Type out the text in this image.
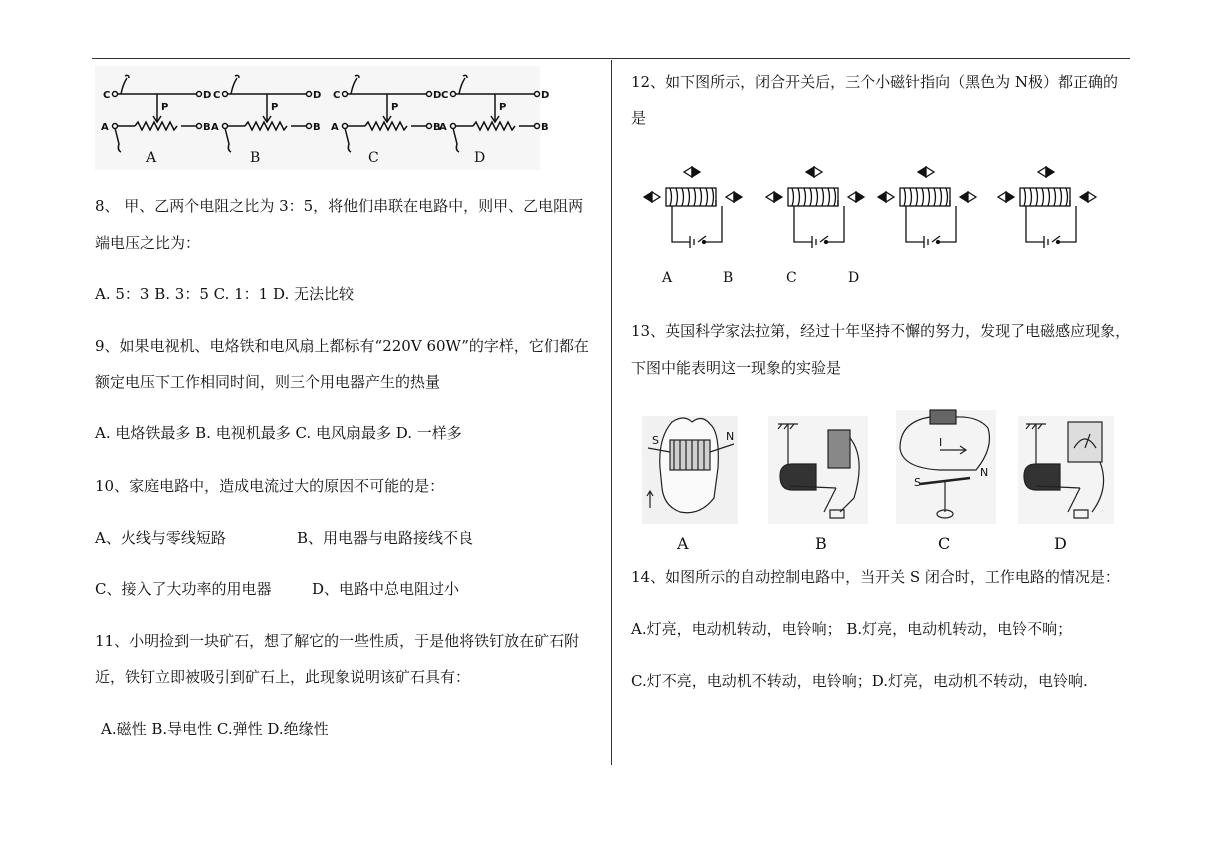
C	D
P
A	B
C	D
P
A	B
C	D
P
A	B
C	D
P
A	B
A	B	C	D
8、 甲、乙两个电阻之比为 3：5，将他们串联在电路中，则甲、乙电阻两
端电压之比为：
A. 5：3 B. 3：5 C. 1：1 D. 无法比较
9、如果电视机、电烙铁和电风扇上都标有“220V 60W”的字样，它们都在
额定电压下工作相同时间，则三个用电器产生的热量
A. 电烙铁最多 B. 电视机最多 C. 电风扇最多 D. 一样多
10、家庭电路中，造成电流过大的原因不可能的是：
A、火线与零线短路	B、用电器与电路接线不良
C、接入了大功率的用电器	D、电路中总电阻过小
11、小明捡到一块矿石，想了解它的一些性质，于是他将铁钉放在矿石附
近，铁钉立即被吸引到矿石上，此现象说明该矿石具有：
A.磁性 B.导电性 C.弹性 D.绝缘性
12、如下图所示，闭合开关后，三个小磁针指向（黑色为 N极）都正确的
是
A	B	C	D
13、英国科学家法拉第，经过十年坚持不懈的努力，发现了电磁感应现象，
下图中能表明这一现象的实验是
S	N	I
S
N
A	B	C	D
14、如图所示的自动控制电路中，当开关 S 闭合时，工作电路的情况是：
A.灯亮，电动机转动，电铃响； B.灯亮，电动机转动，电铃不响；
C.灯不亮，电动机不转动，电铃响；D.灯亮，电动机不转动，电铃响.
